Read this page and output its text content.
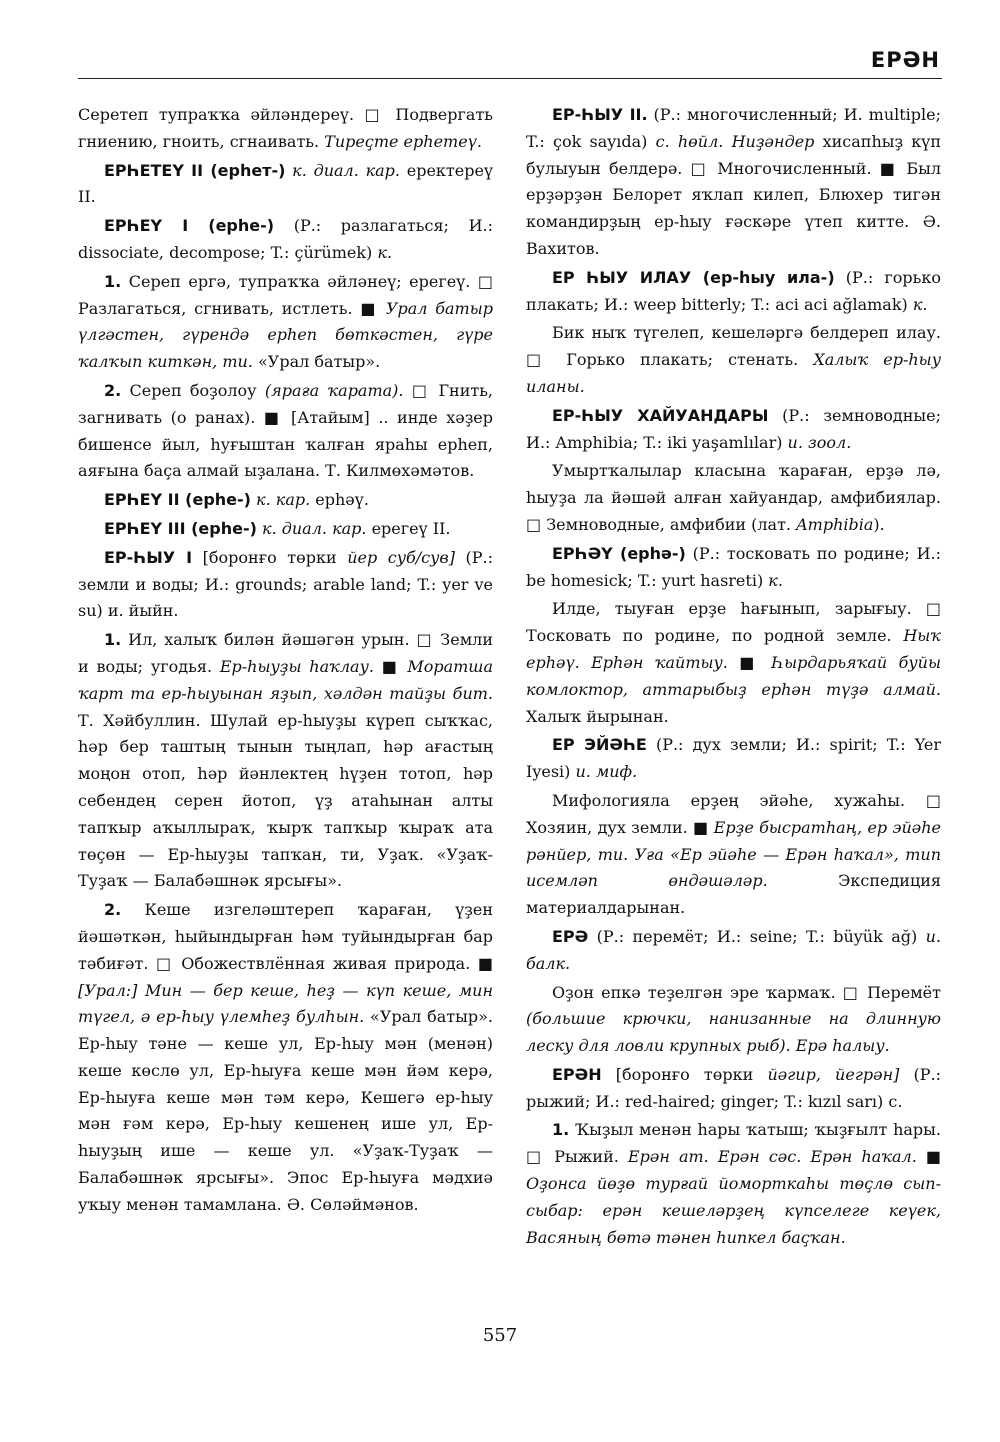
ЕРӘН

Серетеп тупраҡҡа әйләндереү. □ Подвергать гниению, гноить, сгнаивать. Тиреҫте ерһетеү.

ЕРҺЕТЕҮ II (ерһет-) к. диал. кар. еректереү II.

ЕРҺЕҮ I (ерһе-) (Р.: разлагаться; И.: dissociate, decompose; T.: çürümek) к.

1. Сереп ергә, тупраҡҡа әйләнеү; ерегеү. □ Разлагаться, сгнивать, истлеть. ■ Урал батыр үлгәстен, гүрендә ерһеп бөткәстен, гүре ҡалҡып киткән, ти. «Урал батыр».

2. Сереп боҙолоу (яраға ҡарата). □ Гнить, загнивать (о ранах). ■ [Атайым] .. инде хәҙер бишенсе йыл, һуғыштан ҡалған яраһы ерһеп, аяғына баҫа алмай ыҙалана. Т. Килмөхәмәтов.

ЕРҺЕҮ II (ерһе-) к. кар. ерһәү.

ЕРҺЕҮ III (ерһе-) к. диал. кар. ерегеү II.

ЕР-ҺЫУ I [боронғо төрки йер суб/сув] (Р.: земли и воды; И.: grounds; arable land; T.: yer ve su) и. йыйн.

1. Ил, халыҡ билән йәшәгән урын. □ Земли и воды; угодья. Ер-һыуҙы һаҡлау. ■ Моратша ҡарт та ер-һыуынан яҙып, хәлдән тайҙы бит. Т. Хәйбуллин. Шулай ер-һыуҙы күреп сыҡҡас, һәр бер таштың тынын тыңлап, һәр ағастың моңон отоп, һәр йәнлектең һүҙен тотоп, һәр себендең серен йотоп, үҙ атаһынан алты тапҡыр аҡыллыраҡ, ҡырҡ тапҡыр ҡыраҡ ата төҫөн — Ер-һыуҙы тапҡан, ти, Уҙаҡ. «Уҙаҡ-Туҙаҡ — Балабәшнәк ярсығы».

2. Кеше изгеләштереп ҡараған, үҙен йәшәткән, һыйындырған һәм туйындырған бар тәбиғәт. □ Обожествлённая живая природа. ■ [Урал:] Мин — бер кеше, һеҙ — күп кеше, мин түгел, ә ер-һыу үлемһеҙ булһын. «Урал батыр». Ер-һыу тәне — кеше ул, Ер-һыу мән (менән) кеше көслө ул, Ер-һыуға кеше мән йәм керә, Ер-һыуға кеше мән тәм керә, Кешегә ер-һыу мән ғәм керә, Ер-һыу кешенең ише ул, Ер-һыуҙың ише — кеше ул. «Уҙаҡ-Туҙаҡ — Балабәшнәк ярсығы». Эпос Ер-һыуға мәдхиә уҡыу менән тамамлана. Ә. Сөләймәнов.

ЕР-ҺЫУ II. (Р.: многочисленный; И. multiple; T.: çok sayıda) с. һөйл. Ниҙәндер хисапһыҙ күп булыуын белдерә. □ Многочисленный. ■ Был ерҙәрҙән Белорет яҡлап килеп, Блюхер тигән командирҙың ер-һыу ғәскәре үтеп китте. Ә. Вахитов.

ЕР ҺЫУ ИЛАУ (ер-һыу ила-) (Р.: горько плакать; И.: weep bitterly; T.: aci aci ağlamak) к.

Бик ныҡ түгелеп, кешеләргә белдереп илау. □ Горько плакать; стенать. Халыҡ ер-һыу иланы.

ЕР-ҺЫУ ХАЙУАНДАРЫ (Р.: земноводные; И.: Amphibia; T.: iki yaşamlılar) и. зоол.

Умыртҡалылар класына ҡараған, ерҙә лә, һыуҙа ла йәшәй алған хайуандар, амфибиялар. □ Земноводные, амфибии (лат. Amphibia).

ЕРҺӘҮ (ерһә-) (Р.: тосковать по родине; И.: be homesick; T.: yurt hasreti) к.

Илде, тыуған ерҙе һағынып, зарығыу. □ Тосковать по родине, по родной земле. Ныҡ ерһәү. Ерһән ҡайтыу. ■ Һырдарьяҡай буйы комлоктор, аттарыбыҙ ерһән түҙә алмай. Халыҡ йырынан.

ЕР ЭЙӘҺЕ (Р.: дух земли; И.: spirit; T.: Yer Iyesi) и. миф.

Мифологияла ерҙең эйәһе, хужаһы. □ Хозяин, дух земли. ■ Ерҙе бысратһаң, ер эйәһе рәнйер, ти. Уға «Ер эйәһе — Ерән һаҡал», тип исемләп өндәшәләр. Экспедиция материалдарынан.

ЕРӘ (Р.: перемёт; И.: seine; T.: büyük ağ) и. балк.

Оҙон епкә теҙелгән эре ҡармаҡ. □ Перемёт (большие крючки, нанизанные на длинную леску для ловли крупных рыб). Ерә һалыу.

ЕРӘН [боронғо төрки йәгир, йегрән] (Р.: рыжий; И.: red-haired; ginger; T.: kızıl sarı) с.

1. Ҡыҙыл менән һары ҡатыш; ҡыҙғылт һары. □ Рыжий. Ерән ат. Ерән сәс. Ерән һаҡал. ■ Оҙонса йөҙө турғай йоморткаһы төҫлө сып-сыбар: ерән кешеләрҙең күпселеге кеүек, Васяның бөтә тәнен һипкел баҫҡан.

557
